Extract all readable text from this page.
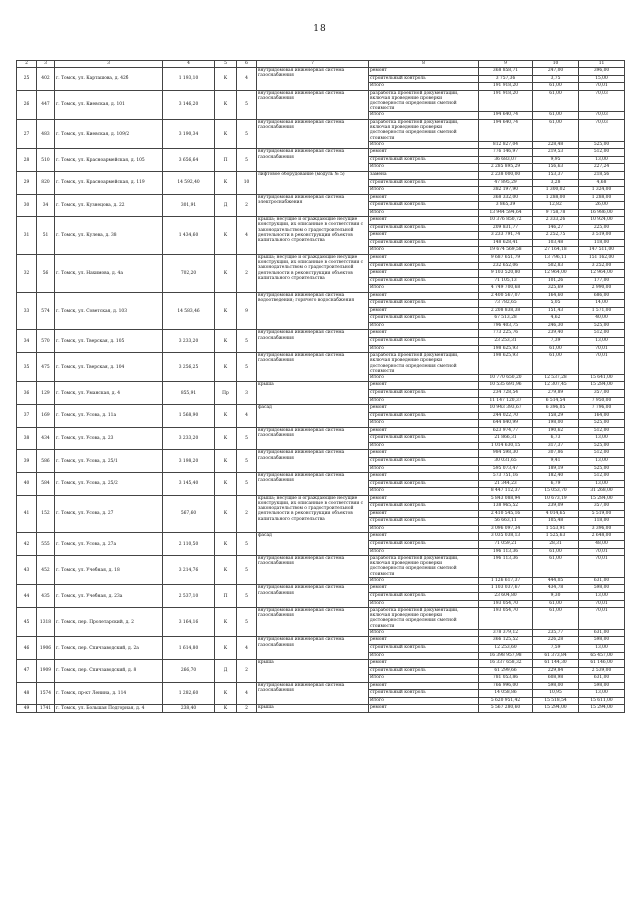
18
2	3	3	4	5	6	7	8	9	10	11
25	402	г. Томск, ул. Карташова, д. 42б	1 193,10	К	4	внутридомовая инженерная система газоснабжения	ремонт	368 858,71	247,00	396,00
							строительный контроль	3 757,36	3,75	15,00
							Итого	191 918,20	61,00	70,01
26	447	г. Томск, ул. Киевская, д. 101	3 146,20	К	5	внутридомовая инженерная система газоснабжения	разработка проектной документации, включая проведение проверки достоверности определения сметной стоимости	191 918,20	61,00	70,03
							Итого	194 640,74	61,00	70,03
27	483	г. Томск, ул. Киевская, д. 109/2	3 190,34	К	5	внутридомовая инженерная система газоснабжения	разработка проектной документации, включая проведение проверки достоверности определения сметной стоимости	194 640,74	61,00	70,03
							Итого	812 827,04	228,48	525,00
28	510	г. Томск, ул. Красноармейская, д. 105	3 656,64	П	5	внутридомовая инженерная система газоснабжения	ремонт	776 146,97	219,53	512,00
							строительный контроль	36 683,07	9,95	13,00
							Итого	2 285 895,29	156,63	227,24
29	820	г. Томск, ул. Красноармейская, д. 119	14 592,40	К	10	лифтовое оборудование (модуль № 5)	замена	2 238 000,00	153,37	218,56
							строительный контроль	47 895,29	3,28	4,68
							Итого	382 197,90	1 300,02	1 324,00
30	34	г. Томск, ул. Кузнецова, д. 22	301,91	Д	2	внутридомовая инженерная система электроснабжения	ремонт	368 332,00	1 288,00	1 288,00
							строительный контроль	3 865,39	12,82	26,00
							Итого	13 944 594,64	9 758,78	16 986,00
31	51	г. Томск, ул. Кулева, д. 38	1 434,60	К	4	крыша; несущие и ограждающие несущие конструкции, их описанные в соответствии с законодательством о градостроительной деятельности в реконструкции объектов капитального строительства	ремонт	10 376 850,72	2 333,26	10 924,00
							строительный контроль	209 831,77	146,27	225,00
							ремонт	3 233 791,74	2 252,75	3 519,00
							строительный контроль	148 628,41	103,48	118,00
							Итого	19 674 569,58	27 164,18	147 511,00
32	56	г. Томск, ул. Нахимова, д. 4а	702,20	К	2	крыша; несущие и ограждающие несущие конструкции, их описанные в соответствии с законодательством о градостроительной деятельности в реконструкции объектов капитального строительства	ремонт	9 687 651,79	13 796,11	151 162,00
							строительный контроль	232 652,06	502,83	3 252,00
							ремонт	9 103 520,80	12 964,00	12 964,00
							строительный контроль	71 105,13	101,26	177,00
							Итого	4 749 700,68	325,69	2 990,00
33	574	г. Томск, ул. Советская, д. 103	14 583,46	К	9	внутридомовая инженерная система водоотведения; горячего водоснабжения	ремонт	2 400 567,07	164,60	686,00
							строительный контроль	73 782,65	5,05	14,00
							ремонт	2 208 838,38	151,43	1 571,00
							строительный контроль	67 513,28	4,62	40,00
							Итого	796 403,75	246,30	525,00
34	570	г. Томск, ул. Тверская, д. 105	3 233,20	К	5	внутридомовая инженерная система газоснабжения	ремонт	773 225,76	239,40	512,00
							строительный контроль	23 253,31	7,39	13,00
							Итого	198 625,93	61,00	70,01
35	475	г. Томск, ул. Тверская, д. 104	3 256,25	К	5	внутридомовая инженерная система газоснабжения	разработка проектной документации, включая проведение проверки достоверности определения сметной стоимости	198 625,93	61,00	70,01
							Итого	10 770 650,20	12 537,28	15 641,00
36	129	г. Томск, ул. Уманская, д. 4	855,91	Пр	3	крыша	ремонт	10 535 691,96	12 307,45	15 284,00
							строительный контроль	234 728,54	279,89	357,00
							Итого	11 147 120,37	6 514,54	7 950,00
37	169	г. Томск, ул. Усова, д. 11а	1 568,90	К	4	фасад	ремонт	10 943 393,67	6 396,05	7 796,00
							строительный контроль	244 022,70	158,29	164,00
							Итого	644 840,99	198,00	525,00
38	434	г. Томск, ул. Усова, д. 23	3 233,20	К	5	внутридомовая инженерная система газоснабжения	ремонт	623 974,77	190,62	512,00
							строительный контроль	21 866,31	6,73	13,00
							Итого	1 014 630,15	317,37	525,00
39	586	г. Томск, ул. Усова, д. 25/1	3 198,20	К	5	внутридомовая инженерная система газоснабжения	ремонт	984 598,30	307,86	512,00
							строительный контроль	30 031,65	9,41	13,00
							Итого	595 073,47	189,19	525,00
40	584	г. Томск, ул. Усова, д. 25/2	3 145,40	К	5	внутридомовая инженерная система газоснабжения	ремонт	573 751,16	182,40	512,00
							строительный контроль	21 344,23	6,79	13,00
							Итого	8 447 112,37	15 053,70	31 268,00
41	152	г. Томск, ул. Усова, д. 27	567,60	К	2	крыша; несущие и ограждающие несущие конструкции, их описанные в соответствии с законодательством о градостроительной деятельности в реконструкции объектов капитального строительства	ремонт	5 843 088,94	10 673,19	15 284,00
							строительный контроль	138 965,52	239,09	357,00
							ремонт	2 410 545,16	4 014,65	5 519,00
							строительный контроль	56 663,11	105,48	118,00
							Итого	3 096 097,34	1 553,91	3 396,00
42	555	г. Томск, ул. Усова, д. 27а	2 110,50	К	5	фасад	ремонт	3 035 038,13	1 525,63	2 648,00
							строительный контроль	71 059,21	28,31	48,00
							Итого	196 113,36	61,00	70,01
43	452	г. Томск, ул. Учебная, д. 18	3 214,76	К	5	внутридомовая инженерная система газоснабжения	разработка проектной документации, включая проведение проверки достоверности определения сметной стоимости	196 113,36	61,00	70,01
							Итого	1 126 617,37	444,05	631,00
44	435	г. Томск, ул. Учебная, д. 23а	2 537,10	П	5	внутридомовая инженерная система газоснабжения	ремонт	1 103 037,67	434,78	598,00
							строительный контроль	23 604,80	9,30	13,00
							Итого	193 054,70	61,00	70,01
45	1318	г. Томск, пер. Пролетарский, д. 2	3 164,16	К	5	внутридомовая инженерная система газоснабжения	разработка проектной документации, включая проведение проверки достоверности определения сметной стоимости	193 054,70	61,00	70,01
							Итого	378 379,12	235,77	631,00
46	1906	г. Томск, пер. Спичзаводский, д. 2а	1 614,80	К	4	внутридомовая инженерная система газоснабжения	ремонт	366 125,52	226,28	598,00
							строительный контроль	12 253,60	7,59	13,00
							Итого	16 398 957,98	61 373,84	65 457,00
47	1909	г. Томск, пер. Спичзаводский, д. 8	266,70	Д	2	крыша	ремонт	16 337 658,32	61 144,30	61 146,00
							строительный контроль	61 299,66	229,84	2 539,00
							Итого	781 053,86	608,98	631,00
48	1574	г. Томск, пр-кт Ленина, д. 114	1 282,60	К	4	внутридомовая инженерная система газоснабжения	ремонт	766 996,00	598,00	598,00
							строительный контроль	14 058,86	10,95	13,00
							Итого	5 620 951,42	15 518,54	15 611,00
49	1741	г. Томск, ул. Большая Подгорная, д. 4	238,40	К	2	крыша	ремонт	5 567 280,60	15 294,00	15 294,00
